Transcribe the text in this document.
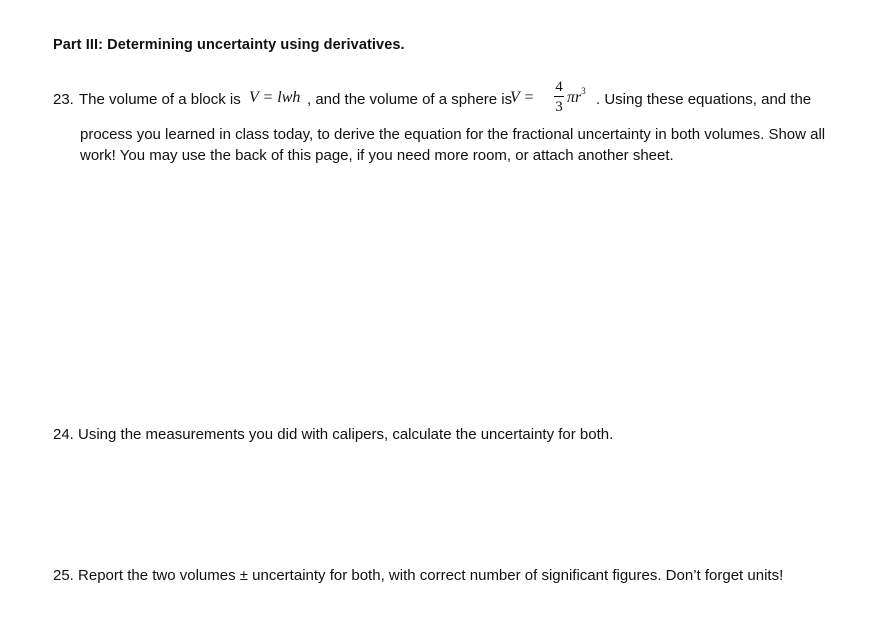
Part III: Determining uncertainty using derivatives.
23. The volume of a block is V = lwh , and the volume of a sphere is
V =
4
3
$\pi r^3$ . Using these equations, and the
process you learned in class today, to derive the equation for the fractional uncertainty in both volumes. Show all work! You may use the back of this page, if you need more room, or attach another sheet.
24. Using the measurements you did with calipers, calculate the uncertainty for both.
25. Report the two volumes ± uncertainty for both, with correct number of significant figures. Don’t forget units!
